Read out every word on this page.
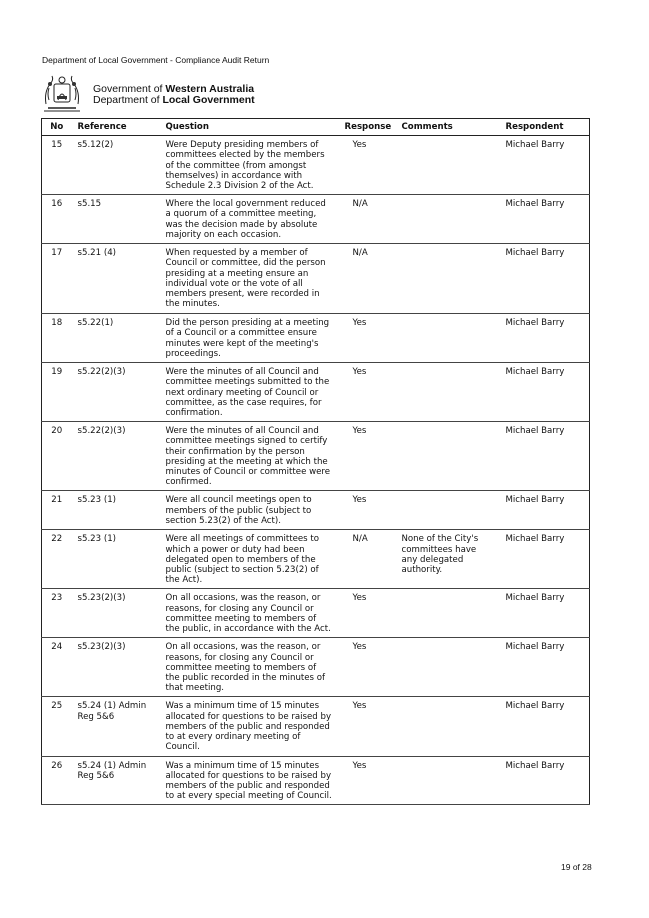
Department of Local Government - Compliance Audit Return
Government of Western Australia
Department of Local Government
No	Reference	Question	Response	Comments	Respondent
15	s5.12(2)	Were Deputy presiding members of committees elected by the members of the committee (from amongst themselves) in accordance with Schedule 2.3 Division 2 of the Act.	Yes		Michael Barry
16	s5.15	Where the local government reduced a quorum of a committee meeting, was the decision made by absolute majority on each occasion.	N/A		Michael Barry
17	s5.21 (4)	When requested by a member of Council or committee, did the person presiding at a meeting ensure an individual vote or the vote of all members present, were recorded in the minutes.	N/A		Michael Barry
18	s5.22(1)	Did the person presiding at a meeting of a Council or a committee ensure minutes were kept of the meeting's proceedings.	Yes		Michael Barry
19	s5.22(2)(3)	Were the minutes of all Council and committee meetings submitted to the next ordinary meeting of Council or committee, as the case requires, for confirmation.	Yes		Michael Barry
20	s5.22(2)(3)	Were the minutes of all Council and committee meetings signed to certify their confirmation by the person presiding at the meeting at which the minutes of Council or committee were confirmed.	Yes		Michael Barry
21	s5.23 (1)	Were all council meetings open to members of the public (subject to section 5.23(2) of the Act).	Yes		Michael Barry
22	s5.23 (1)	Were all meetings of committees to which a power or duty had been delegated open to members of the public (subject to section 5.23(2) of the Act).	N/A	None of the City's committees have any delegated authority.	Michael Barry
23	s5.23(2)(3)	On all occasions, was the reason, or reasons, for closing any Council or committee meeting to members of the public, in accordance with the Act.	Yes		Michael Barry
24	s5.23(2)(3)	On all occasions, was the reason, or reasons, for closing any Council or committee meeting to members of the public recorded in the minutes of that meeting.	Yes		Michael Barry
25	s5.24 (1) Admin Reg 5&6	Was a minimum time of 15 minutes allocated for questions to be raised by members of the public and responded to at every ordinary meeting of Council.	Yes		Michael Barry
26	s5.24 (1) Admin Reg 5&6	Was a minimum time of 15 minutes allocated for questions to be raised by members of the public and responded to at every special meeting of Council.	Yes		Michael Barry
19 of 28
